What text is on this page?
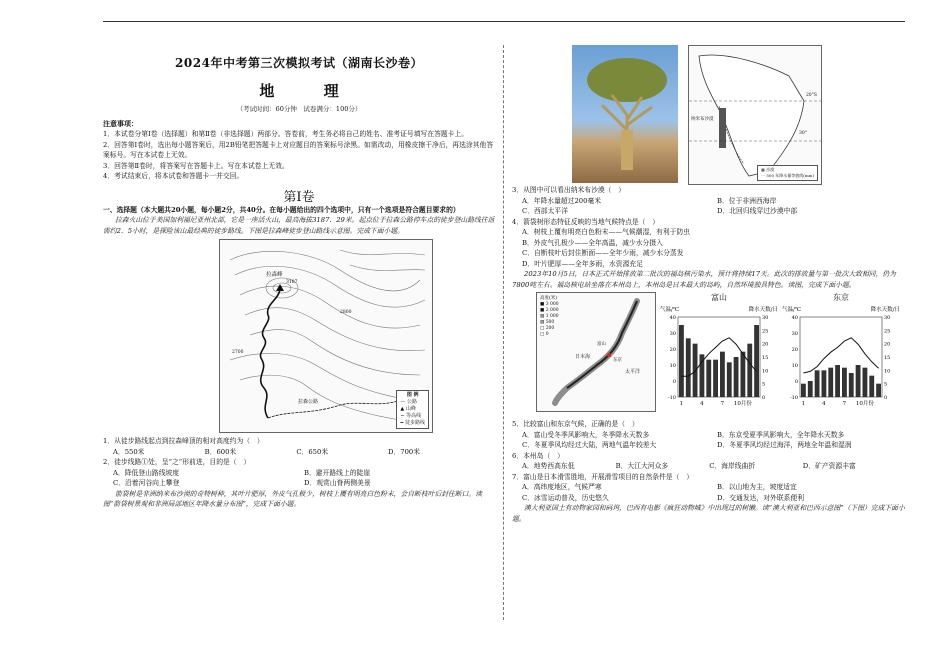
2024年中考第三次模拟考试（湖南长沙卷）
地 理
（考试时间：60分钟　试卷满分：100分）
注意事项：
1．本试卷分第Ⅰ卷（选择题）和第Ⅱ卷（非选择题）两部分。答卷前，考生务必将自己的姓名、准考证号填写在答题卡上。
2．回答第Ⅰ卷时，选出每小题答案后，用2B铅笔把答题卡上对应题目的答案标号涂黑。如需改动，用橡皮擦干净后，再选涂其他答案标号。写在本试卷上无效。
3．回答第Ⅱ卷时，将答案写在答题卡上。写在本试卷上无效。
4．考试结束后，将本试卷和答题卡一并交回。
第Ⅰ卷
一、选择题（本大题共20小题，每小题2分，共40分。在每小题给出的四个选项中，只有一个选项是符合题目要求的）
拉森火山位于美国加利福尼亚州北部，它是一座活火山，最高海拔3187．29米。起点位于拉森公路停车点的徒步登山路线往返需约2．5小时，是探险该山最经典的徒步路线。下图是拉森峰徒步登山路线示意图。完成下面小题。
拉森峰
拉森公路
3187
2800
2700
图 例
— 公路
▲ 山峰
~ 等高线
━ 徒步路线
1．从徒步路线起点到拉森峰顶的相对高度约为（　）
A．550米	B．600米	C．650米	D．700米
2．徒步线路①处，呈“之”形前进，目的是（　）
A．降低登山路线坡度	B．避开路线上的陡崖
C．沿着河谷向上攀登	D．观赏山脊两侧美景
箭袋树是非洲纳米布沙漠的奇特树种，其叶片肥厚，外皮气孔极少，树枝上覆有明亮白色粉末，会自断枝叶后封住断口。读图“箭袋树景观和非洲局部地区年降水量分布图”，完成下面小题。
纳米布沙漠
20°S
30°
▦ 沙漠
⋯ 500 年降水量等值线(mm)
3．从图中可以看出纳米布沙漠（　）
A．年降水量超过200毫米	B．位于非洲西海岸
C．西部太平洋	D．北回归线穿过沙漠中部
4．箭袋树形态特征反映的当地气候特点是（　）
A．树枝上覆有明亮白色粉末——气候潮湿，有利于防虫
B．外皮气孔极少——全年高温，减少水分摄入
C．自断枝叶后封住断面——全年少雨，减少水分蒸发
D．叶片肥厚——全年多雨，水资源充足
2023年10月5日，日本正式开始排放第二批次的福岛核污染水，预计将持续17天。此次的排放量与第一批次大致相同，仍为7800吨左右。福岛核电站坐落在本州岛上，本州岛是日本最大的岛屿，自然环境独具特色。读图，完成下面小题。
高度(米)
■ 3 000
■ 2 000
▨ 1 000
▧ 500
□ 200
□ 0
日本海
太平洋
富山
东京
富山
气温/℃	降水天数/日
40
30
20
10
0
-10
30
25
20
15
10
5
0
1	4	7 10月份
东京
气温/℃	降水天数/日
40
30
20
10
0
-10
30
25
20
15
10
5
0
1	4	7 10月份
5．比较富山和东京气候，正确的是（　）
A．富山受冬季风影响大，冬季降水天数多	B．东京受夏季风影响大，全年降水天数多
C．冬夏季风均经过大陆，两地气温年较差大	D．冬夏季风均经过海洋，两地全年温和湿润
6．本州岛（　）
A．地势西高东低	B．大江大河众多	C．海岸线曲折	D．矿产资源丰富
7．富山是日本滑雪胜地，开展滑雪项目的自然条件是（　）
A．高纬度地区，气候严寒	B．以山地为主，坡度适宜
C．冰雪运动普及，历史悠久	D．交通发达，对外联系便利
澳大利亚国土有动物家园和码坞，巴西有电影《疯狂动物城》中出现过的树懒。读“澳大利亚和巴西示意图”（下图）完成下面小题。
